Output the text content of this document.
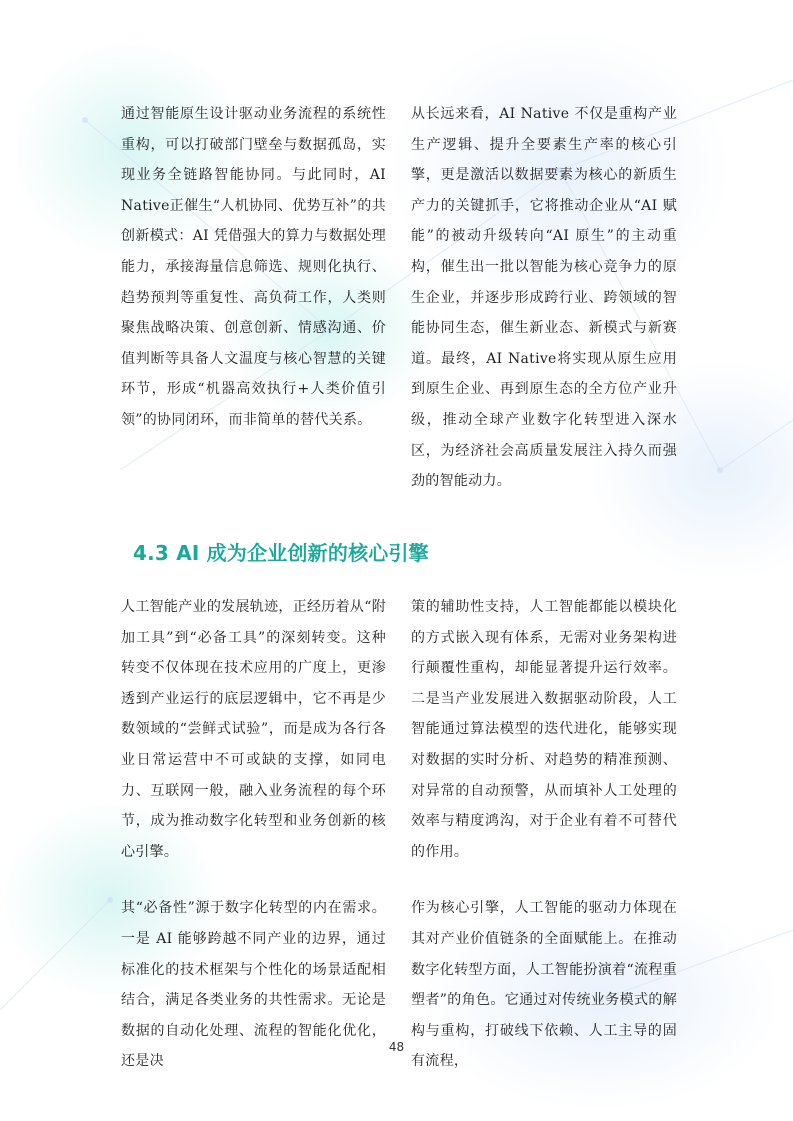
通过智能原生设计驱动业务流程的系统性重构，可以打破部门壁垒与数据孤岛，实现业务全链路智能协同。与此同时，AI Native正催生“人机协同、优势互补”的共创新模式：AI 凭借强大的算力与数据处理能力，承接海量信息筛选、规则化执行、趋势预判等重复性、高负荷工作，人类则聚焦战略决策、创意创新、情感沟通、价值判断等具备人文温度与核心智慧的关键环节，形成“机器高效执行+人类价值引领”的协同闭环，而非简单的替代关系。

从长远来看，AI Native 不仅是重构产业生产逻辑、提升全要素生产率的核心引擎，更是激活以数据要素为核心的新质生产力的关键抓手，它将推动企业从“AI 赋能”的被动升级转向“AI 原生”的主动重构，催生出一批以智能为核心竞争力的原生企业，并逐步形成跨行业、跨领域的智能协同生态，催生新业态、新模式与新赛道。最终，AI Native将实现从原生应用到原生企业、再到原生态的全方位产业升级，推动全球产业数字化转型进入深水区，为经济社会高质量发展注入持久而强劲的智能动力。

4.3 AI 成为企业创新的核心引擎

人工智能产业的发展轨迹，正经历着从“附加工具”到“必备工具”的深刻转变。这种转变不仅体现在技术应用的广度上，更渗透到产业运行的底层逻辑中，它不再是少数领域的“尝鲜式试验”，而是成为各行各业日常运营中不可或缺的支撑，如同电力、互联网一般，融入业务流程的每个环节，成为推动数字化转型和业务创新的核心引擎。

其“必备性”源于数字化转型的内在需求。一是 AI 能够跨越不同产业的边界，通过标准化的技术框架与个性化的场景适配相结合，满足各类业务的共性需求。无论是数据的自动化处理、流程的智能化优化，还是决

策的辅助性支持，人工智能都能以模块化的方式嵌入现有体系，无需对业务架构进行颠覆性重构，却能显著提升运行效率。二是当产业发展进入数据驱动阶段，人工智能通过算法模型的迭代进化，能够实现对数据的实时分析、对趋势的精准预测、对异常的自动预警，从而填补人工处理的效率与精度鸿沟，对于企业有着不可替代的作用。

作为核心引擎，人工智能的驱动力体现在其对产业价值链条的全面赋能上。在推动数字化转型方面，人工智能扮演着“流程重塑者”的角色。它通过对传统业务模式的解构与重构，打破线下依赖、人工主导的固有流程，

48
